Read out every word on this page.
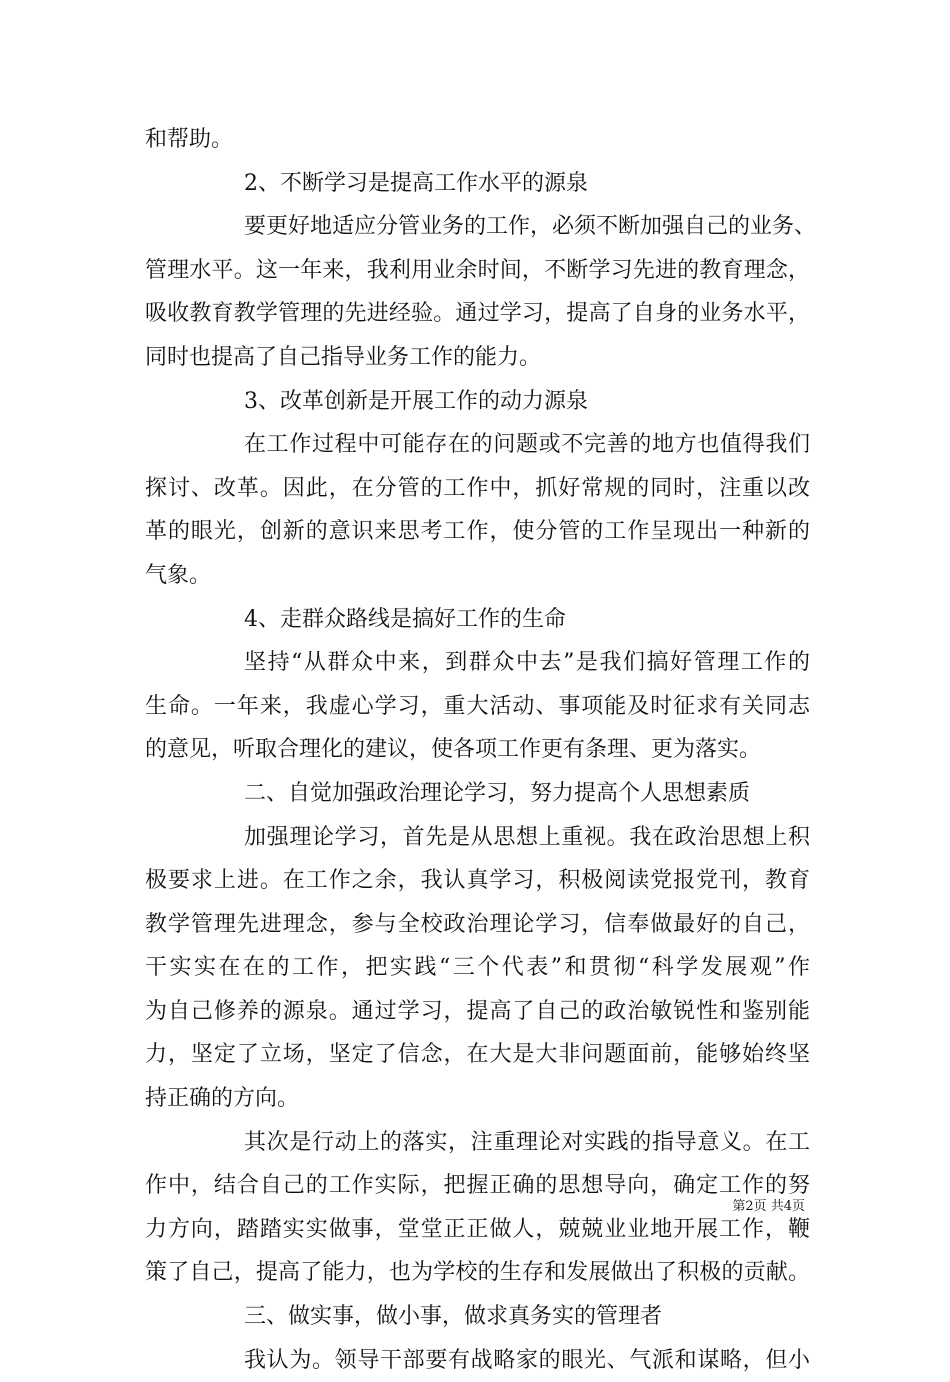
和帮助。
2、不断学习是提高工作水平的源泉
要更好地适应分管业务的工作，必须不断加强自己的业务、
管理水平。这一年来，我利用业余时间，不断学习先进的教育理念，
吸收教育教学管理的先进经验。通过学习，提高了自身的业务水平，
同时也提高了自己指导业务工作的能力。
3、改革创新是开展工作的动力源泉
在工作过程中可能存在的问题或不完善的地方也值得我们
探讨、改革。因此，在分管的工作中，抓好常规的同时，注重以改
革的眼光，创新的意识来思考工作，使分管的工作呈现出一种新的
气象。
4、走群众路线是搞好工作的生命
坚持“从群众中来，到群众中去”是我们搞好管理工作的
生命。一年来，我虚心学习，重大活动、事项能及时征求有关同志
的意见，听取合理化的建议，使各项工作更有条理、更为落实。
二、自觉加强政治理论学习，努力提高个人思想素质
加强理论学习，首先是从思想上重视。我在政治思想上积
极要求上进。在工作之余，我认真学习，积极阅读党报党刊，教育
教学管理先进理念，参与全校政治理论学习，信奉做最好的自己，
干实实在在的工作，把实践“三个代表”和贯彻“科学发展观”作
为自己修养的源泉。通过学习，提高了自己的政治敏锐性和鉴别能
力，坚定了立场，坚定了信念，在大是大非问题面前，能够始终坚
持正确的方向。
其次是行动上的落实，注重理论对实践的指导意义。在工
作中，结合自己的工作实际，把握正确的思想导向，确定工作的努
力方向，踏踏实实做事，堂堂正正做人，兢兢业业地开展工作，鞭
策了自己，提高了能力，也为学校的生存和发展做出了积极的贡献。
三、做实事，做小事，做求真务实的管理者
我认为。领导干部要有战略家的眼光、气派和谋略，但小
第2页 共4页
